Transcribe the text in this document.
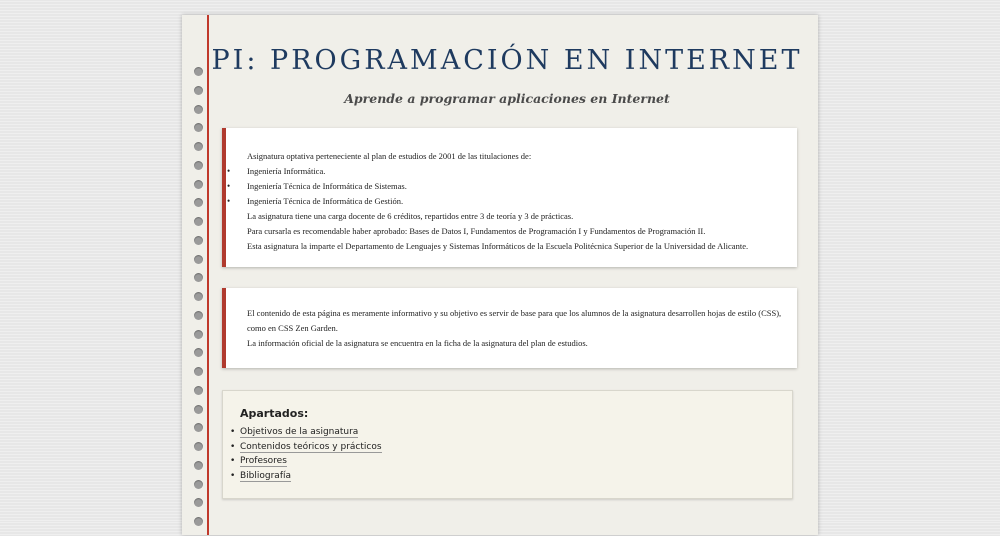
PI: PROGRAMACIÓN EN INTERNET

Aprende a programar aplicaciones en Internet

Asignatura optativa perteneciente al plan de estudios de 2001 de las titulaciones de:

• Ingeniería Informática.
• Ingeniería Técnica de Informática de Sistemas.
• Ingeniería Técnica de Informática de Gestión.

La asignatura tiene una carga docente de 6 créditos, repartidos entre 3 de teoría y 3 de prácticas.

Para cursarla es recomendable haber aprobado: Bases de Datos I, Fundamentos de Programación I y Fundamentos de Programación II.

Esta asignatura la imparte el Departamento de Lenguajes y Sistemas Informáticos de la Escuela Politécnica Superior de la Universidad de Alicante.

El contenido de esta página es meramente informativo y su objetivo es servir de base para que los alumnos de la asignatura desarrollen hojas de estilo (CSS), como en CSS Zen Garden.

La información oficial de la asignatura se encuentra en la ficha de la asignatura del plan de estudios.

Apartados:
• Objetivos de la asignatura
• Contenidos teóricos y prácticos
• Profesores
• Bibliografía
